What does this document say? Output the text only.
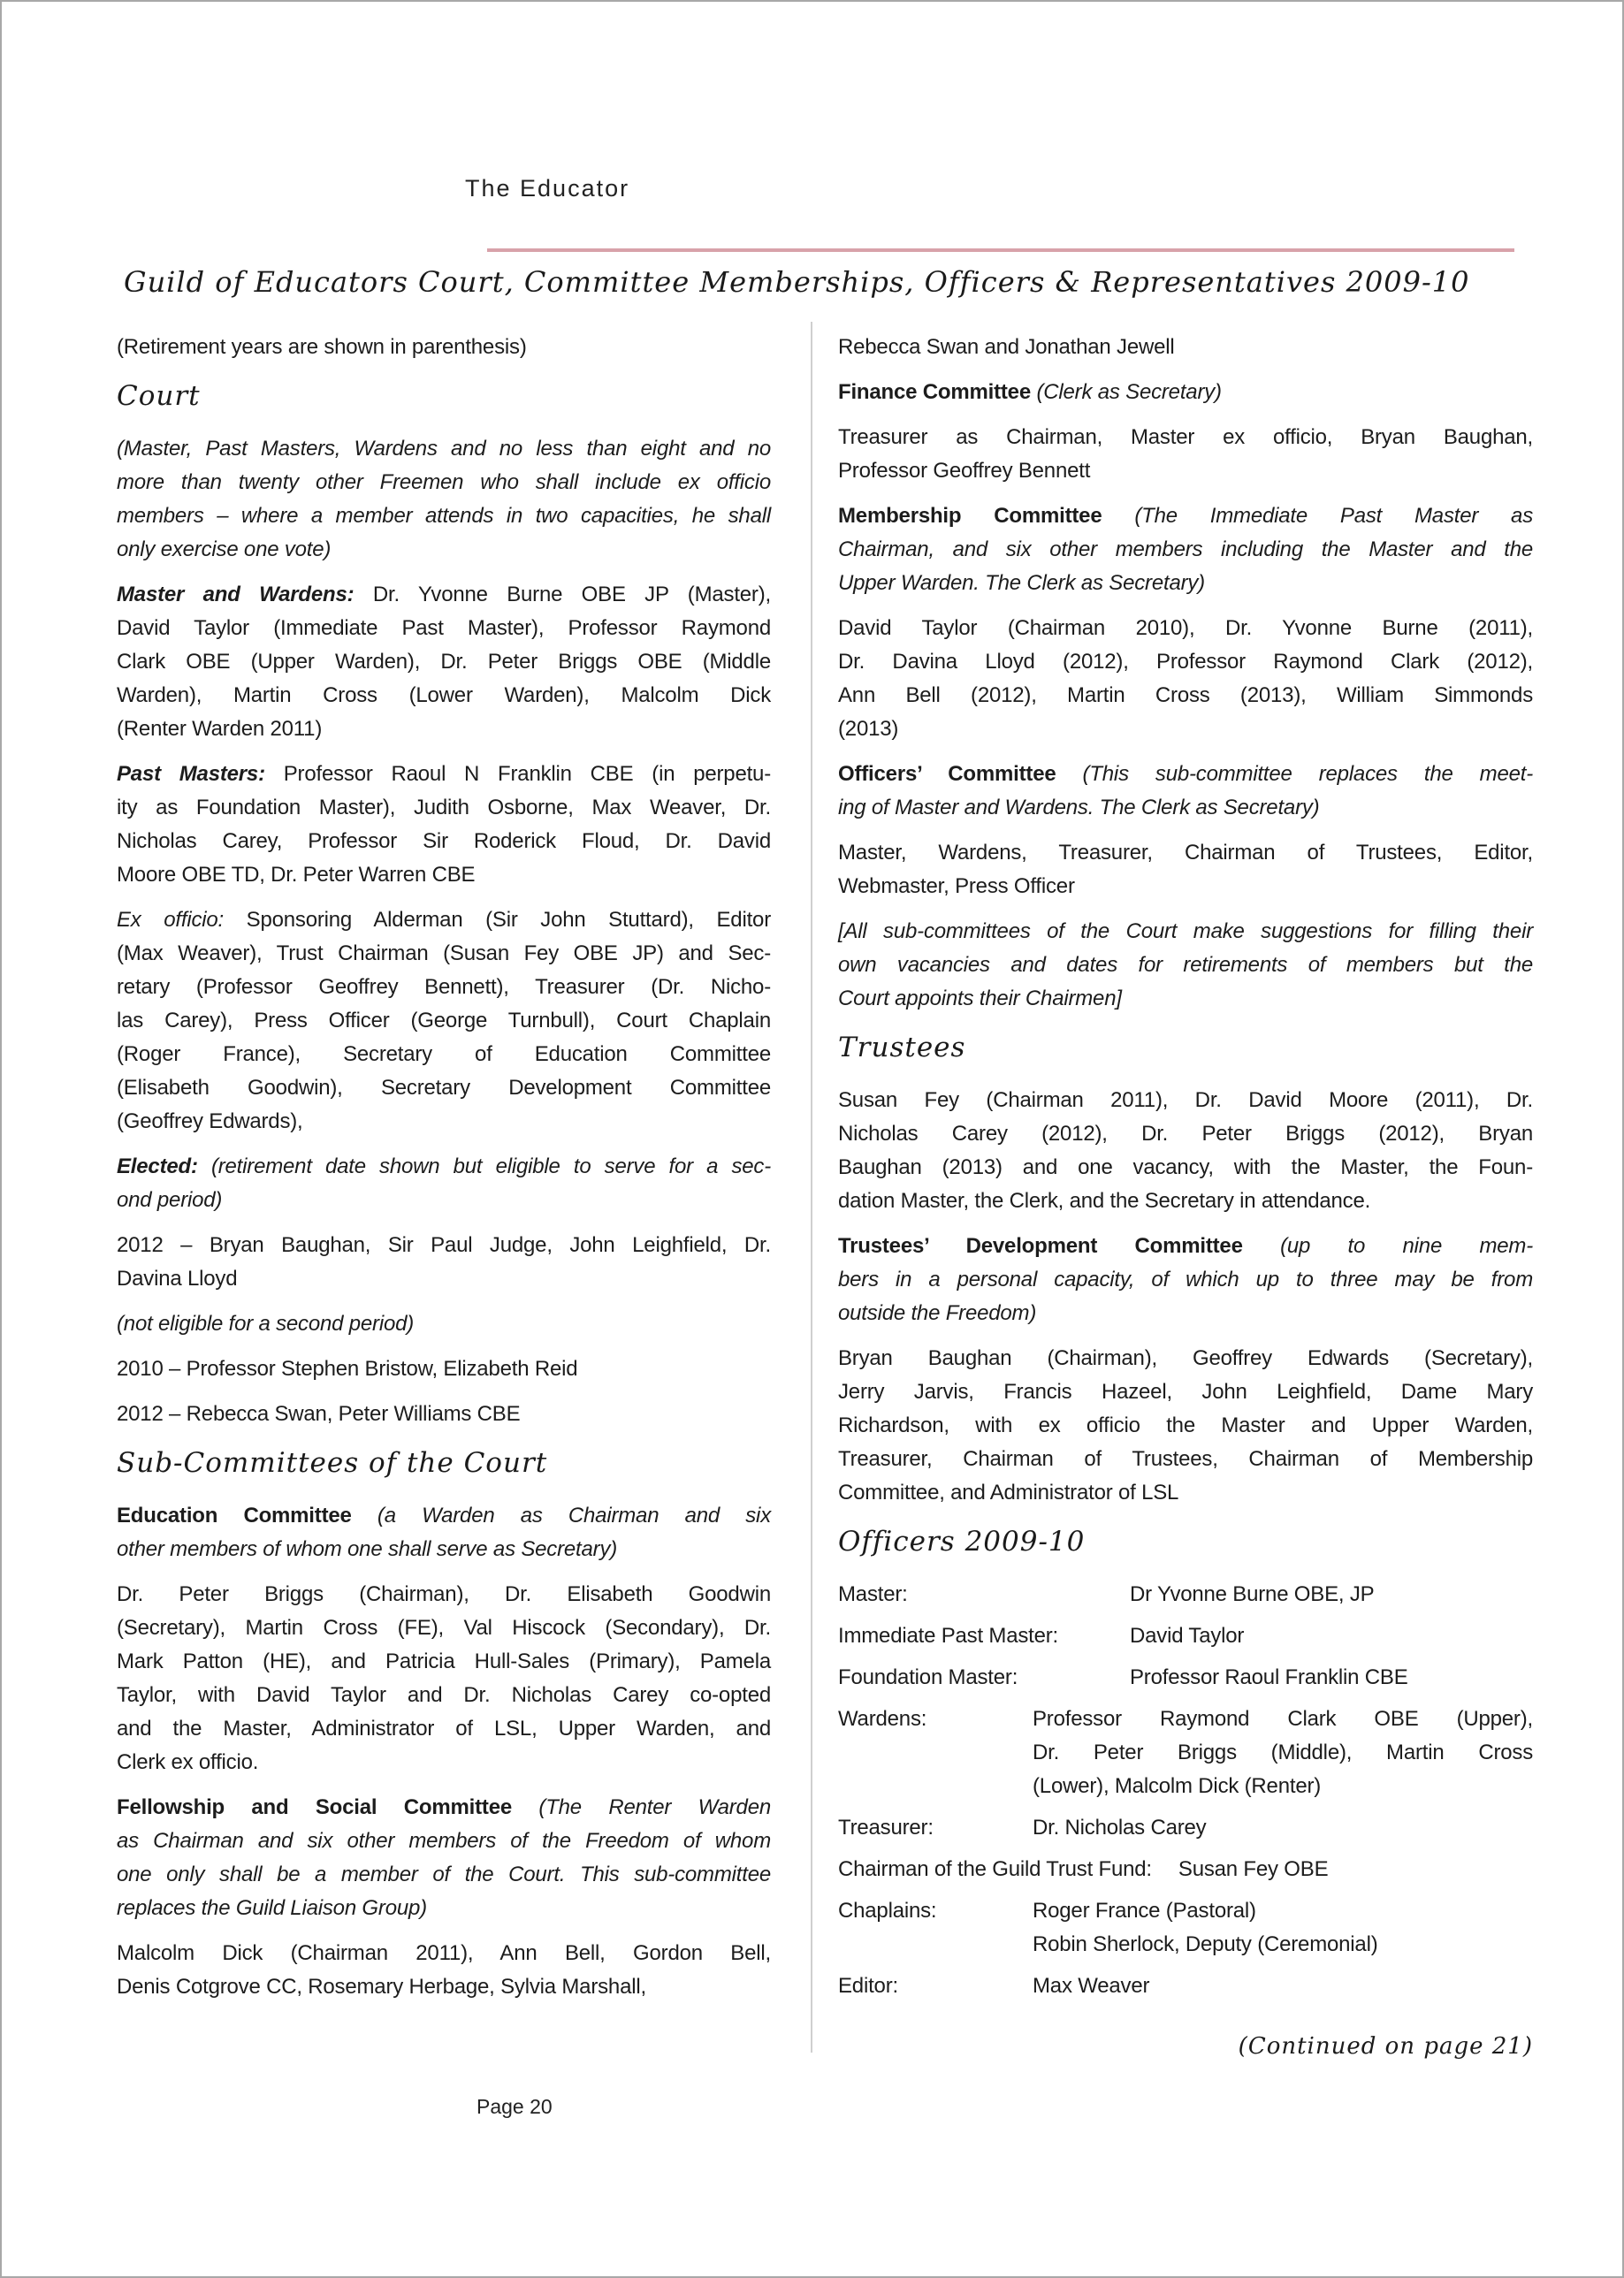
The Educator
Guild of Educators Court, Committee Memberships, Officers & Representatives 2009-10
(Retirement years are shown in parenthesis)
Court
(Master, Past Masters, Wardens and no less than eight and no
more than twenty other Freemen who shall include ex officio
members – where a member attends in two capacities, he shall
only exercise one vote)
Master and Wardens: Dr. Yvonne Burne OBE JP (Master),
David Taylor (Immediate Past Master), Professor Raymond
Clark OBE (Upper Warden), Dr. Peter Briggs OBE (Middle
Warden), Martin Cross (Lower Warden), Malcolm Dick
(Renter Warden 2011)
Past Masters: Professor Raoul N Franklin CBE (in perpetu-
ity as Foundation Master), Judith Osborne, Max Weaver, Dr.
Nicholas Carey, Professor Sir Roderick Floud, Dr. David
Moore OBE TD, Dr. Peter Warren CBE
Ex officio: Sponsoring Alderman (Sir John Stuttard), Editor
(Max Weaver), Trust Chairman (Susan Fey OBE JP) and Sec-
retary (Professor Geoffrey Bennett), Treasurer (Dr. Nicho-
las Carey), Press Officer (George Turnbull), Court Chaplain
(Roger France), Secretary of Education Committee
(Elisabeth Goodwin), Secretary Development Committee
(Geoffrey Edwards),
Elected: (retirement date shown but eligible to serve for a sec-
ond period)
2012 – Bryan Baughan, Sir Paul Judge, John Leighfield, Dr.
Davina Lloyd
(not eligible for a second period)
2010 – Professor Stephen Bristow, Elizabeth Reid
2012 – Rebecca Swan, Peter Williams CBE
Sub-Committees of the Court
Education Committee (a Warden as Chairman and six
other members of whom one shall serve as Secretary)
Dr. Peter Briggs (Chairman), Dr. Elisabeth Goodwin
(Secretary), Martin Cross (FE), Val Hiscock (Secondary), Dr.
Mark Patton (HE), and Patricia Hull-Sales (Primary), Pamela
Taylor, with David Taylor and Dr. Nicholas Carey co-opted
and the Master, Administrator of LSL, Upper Warden, and
Clerk ex officio.
Fellowship and Social Committee (The Renter Warden
as Chairman and six other members of the Freedom of whom
one only shall be a member of the Court. This sub-committee
replaces the Guild Liaison Group)
Malcolm Dick (Chairman 2011), Ann Bell, Gordon Bell,
Denis Cotgrove CC, Rosemary Herbage, Sylvia Marshall,
Rebecca Swan and Jonathan Jewell
Finance Committee (Clerk as Secretary)
Treasurer as Chairman, Master ex officio, Bryan Baughan,
Professor Geoffrey Bennett
Membership Committee (The Immediate Past Master as
Chairman, and six other members including the Master and the
Upper Warden. The Clerk as Secretary)
David Taylor (Chairman 2010), Dr. Yvonne Burne (2011),
Dr. Davina Lloyd (2012), Professor Raymond Clark (2012),
Ann Bell (2012), Martin Cross (2013), William Simmonds
(2013)
Officers’ Committee (This sub-committee replaces the meet-
ing of Master and Wardens. The Clerk as Secretary)
Master, Wardens, Treasurer, Chairman of Trustees, Editor,
Webmaster, Press Officer
[All sub-committees of the Court make suggestions for filling their
own vacancies and dates for retirements of members but the
Court appoints their Chairmen]
Trustees
Susan Fey (Chairman 2011), Dr. David Moore (2011), Dr.
Nicholas Carey (2012), Dr. Peter Briggs (2012), Bryan
Baughan (2013) and one vacancy, with the Master, the Foun-
dation Master, the Clerk, and the Secretary in attendance.
Trustees’ Development Committee (up to nine mem-
bers in a personal capacity, of which up to three may be from
outside the Freedom)
Bryan Baughan (Chairman), Geoffrey Edwards (Secretary),
Jerry Jarvis, Francis Hazeel, John Leighfield, Dame Mary
Richardson, with ex officio the Master and Upper Warden,
Treasurer, Chairman of Trustees, Chairman of Membership
Committee, and Administrator of LSL
Officers 2009-10
Master:	Dr Yvonne Burne OBE, JP
Immediate Past Master:	David Taylor
Foundation Master:	Professor Raoul Franklin CBE
Wardens:	Professor Raymond Clark OBE (Upper),
Dr. Peter Briggs (Middle), Martin Cross
(Lower), Malcolm Dick (Renter)
Treasurer:	Dr. Nicholas Carey
Chairman of the Guild Trust Fund: Susan Fey OBE
Chaplains:	Roger France (Pastoral)
Robin Sherlock, Deputy (Ceremonial)
Editor:	Max Weaver
(Continued on page 21)
Page 20
